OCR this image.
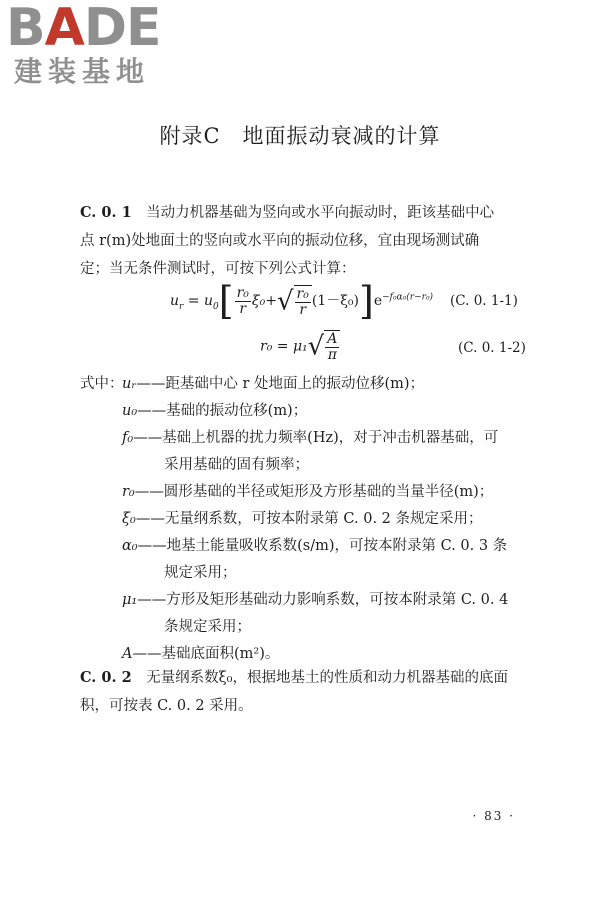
BADE
建装基地
附录C　地面振动衰减的计算
C. 0. 1　 当动力机器基础为竖向或水平向振动时，距该基础中心
点 r(m)处地面土的竖向或水平向的振动位移，宜由现场测试确
定；当无条件测试时，可按下列公式计算：
$u_r = u_0[ \frac{\text{r₀}}{r} \xi_0+√ \frac{\text{r₀}}{r} (1-\xi_0)]e^{-f_0\alpha_0(r-r_0)}$	(C. 0. 1-1)
$r_0 = \mu_1√ \frac{A}{\pi}$	(C. 0. 1-2)
式中：
uᵣ——距基础中心 r 处地面上的振动位移(m)；
u₀——基础的振动位移(m)；
f₀——基础上机器的扰力频率(Hz)，对于冲击机器基础，可
采用基础的固有频率；
r₀——圆形基础的半径或矩形及方形基础的当量半径(m)；
ξ₀——无量纲系数，可按本附录第 C. 0. 2 条规定采用；
α₀——地基土能量吸收系数(s/m)，可按本附录第 C. 0. 3 条
规定采用；
μ₁——方形及矩形基础动力影响系数，可按本附录第 C. 0. 4
条规定采用；
A——基础底面积(m²)。
C. 0. 2　 无量纲系数ξ₀，根据地基土的性质和动力机器基础的底面
积，可按表 C. 0. 2 采用。
· 83 ·
